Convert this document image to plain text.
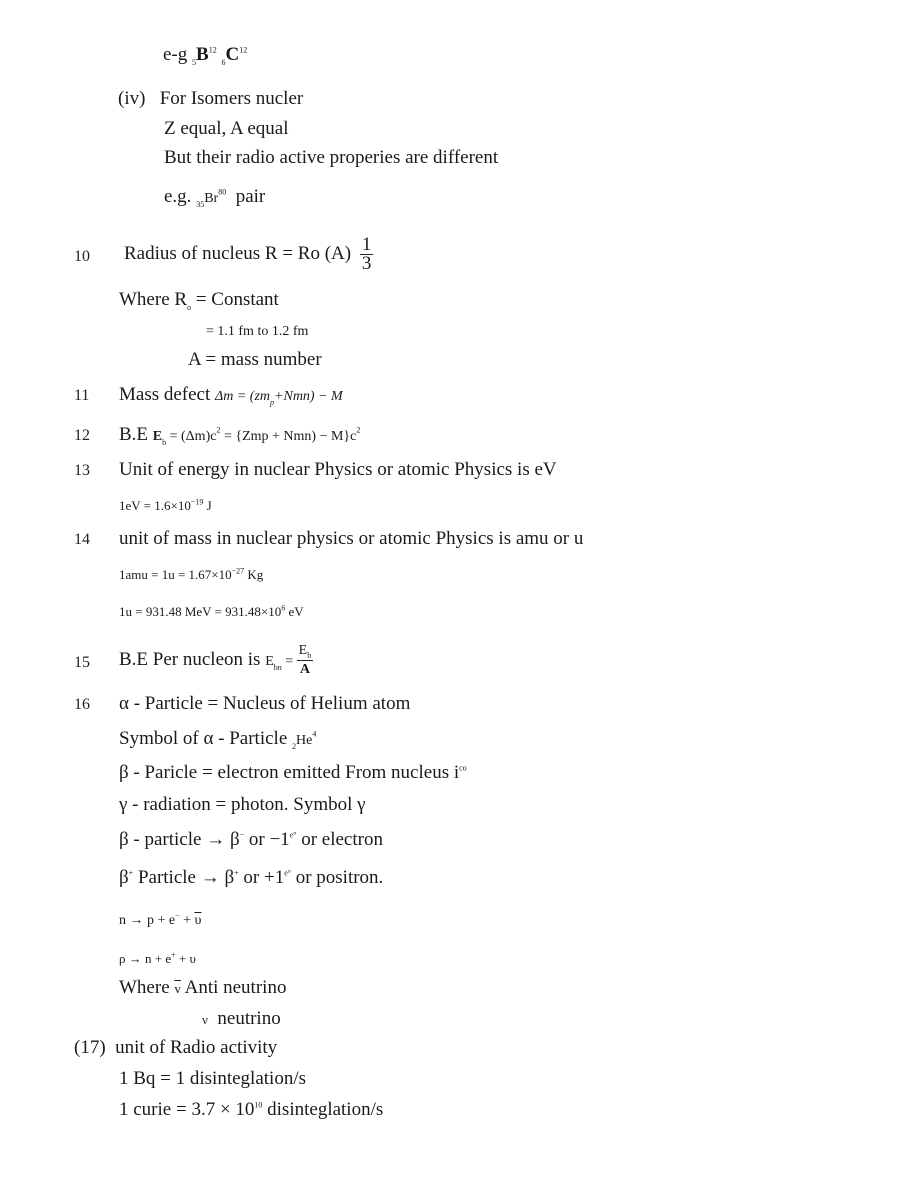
e-g $_5B^{12}$ $_6C^{12}$
(iv) For Isomers nucler
Z equal, A equal
But their radio active properies are different
e.g. $_{35}Br^{80}$ pair
10 Radius of nucleus R = Ro $(A) \frac{1}{3}$
Where $R_o$ = Constant
= 1.1 fm to 1.2 fm
A = mass number
11 Mass defect $\Delta m = (zm_p+Nmn) - M$
12 B.E $E_b = (\Delta m)c^2 = \{Zmp + Nmn) - M\}c^2$
13 Unit of energy in nuclear Physics or atomic Physics is eV
$1eV = 1.6\times 10^{-19}$ J
14 unit of mass in nuclear physics or atomic Physics is amu or u
$1amu = 1u = 1.67\times 10^{-27}$ Kg
1u = 931.48 MeV = $931.48\times 10^6$ eV
15 B.E Per nucleon is $E_{bn} = \frac{E_b}{A}$
16 α - Particle = Nucleus of Helium atom
Symbol of α - Particle $_2He^4$
β - Paricle = electron emitted From nucleus $i^{co}$
γ - radiation = photon. Symbol γ
β - particle → β− or $-1^{e^\circ}$ or electron
β+ Particle → β+ or $+1^{e^\circ}$ or positron.
$n \to p + e^- + \overline{\upsilon}$
ρ → n + e+ + υ
Where $\overline{v}$ Anti neutrino
ν neutrino
(17) unit of Radio activity
1 Bq = 1 disinteglation/s
1 curie = $3.7 \times 10^{10}$ disinteglation/s
